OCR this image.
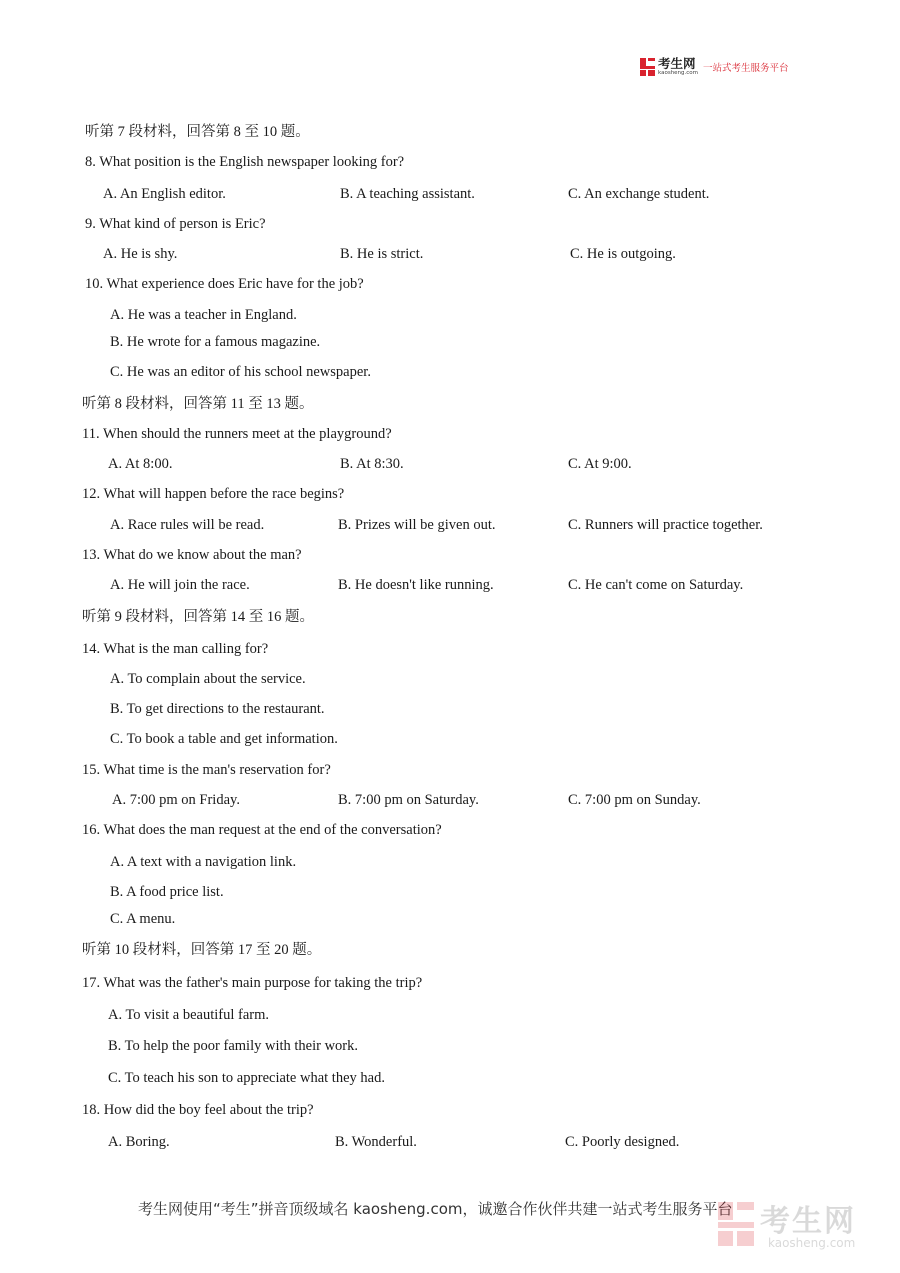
考生网
kaosheng.com 一站式考生服务平台
听第 7 段材料，回答第 8 至 10 题。
8. What position is the English newspaper looking for?
A. An English editor.	B. A teaching assistant.	C. An exchange student.
9. What kind of person is Eric?
A. He is shy.	B. He is strict.	C. He is outgoing.
10. What experience does Eric have for the job?
A. He was a teacher in England.
B. He wrote for a famous magazine.
C. He was an editor of his school newspaper.
听第 8 段材料，回答第 11 至 13 题。
11. When should the runners meet at the playground?
A. At 8:00.	B. At 8:30.	C. At 9:00.
12. What will happen before the race begins?
A. Race rules will be read.	B. Prizes will be given out.	C. Runners will practice together.
13. What do we know about the man?
A. He will join the race.	B. He doesn't like running.	C. He can't come on Saturday.
听第 9 段材料，回答第 14 至 16 题。
14. What is the man calling for?
A. To complain about the service.
B. To get directions to the restaurant.
C. To book a table and get information.
15. What time is the man's reservation for?
A. 7:00 pm on Friday.	B. 7:00 pm on Saturday.	C. 7:00 pm on Sunday.
16. What does the man request at the end of the conversation?
A. A text with a navigation link.
B. A food price list.
C. A menu.
听第 10 段材料，回答第 17 至 20 题。
17. What was the father's main purpose for taking the trip?
A. To visit a beautiful farm.
B. To help the poor family with their work.
C. To teach his son to appreciate what they had.
18. How did the boy feel about the trip?
A. Boring.	B. Wonderful.	C. Poorly designed.
考生网使用“考生”拼音顶级域名 kaosheng.com，诚邀合作伙伴共建一站式考生服务平台 考生网
kaosheng.com
